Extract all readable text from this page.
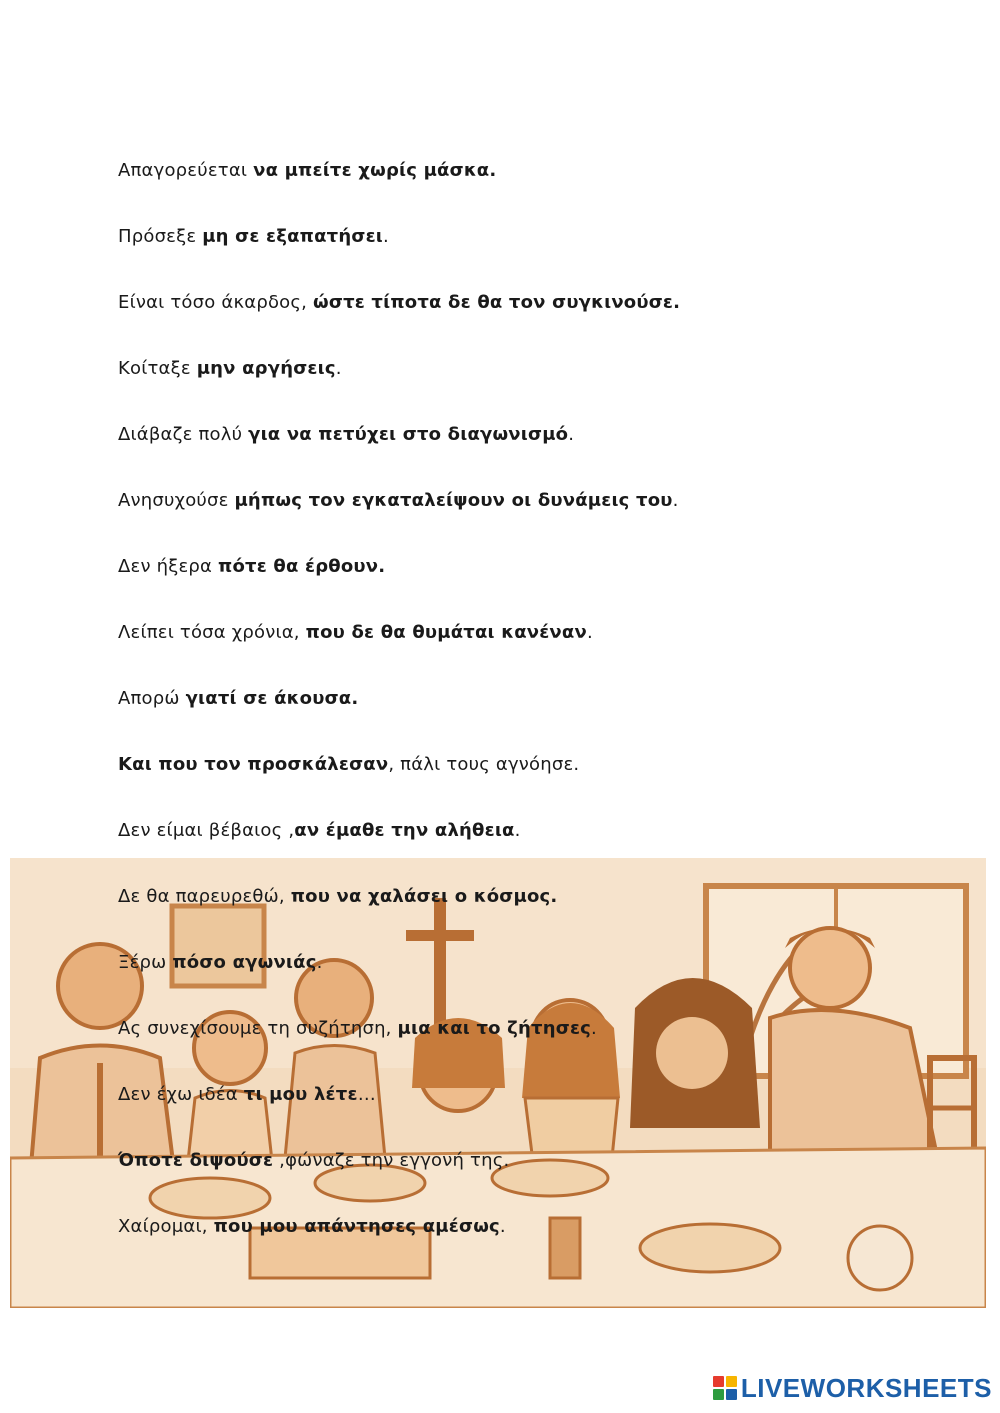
Απαγορεύεται να μπείτε χωρίς μάσκα.
Πρόσεξε μη σε εξαπατήσει.
Είναι τόσο άκαρδος, ώστε τίποτα δε θα τον συγκινούσε.
Κοίταξε μην αργήσεις.
Διάβαζε πολύ για να πετύχει στο διαγωνισμό.
Ανησυχούσε μήπως τον εγκαταλείψουν οι δυνάμεις του.
Δεν ήξερα πότε θα έρθουν.
Λείπει τόσα χρόνια, που δε θα θυμάται κανέναν.
Απορώ γιατί σε άκουσα.
Και που τον προσκάλεσαν, πάλι τους αγνόησε.
Δεν είμαι βέβαιος ,αν έμαθε την αλήθεια.
Δε θα παρευρεθώ, που να χαλάσει ο κόσμος.
Ξέρω πόσο αγωνιάς.
Ας συνεχίσουμε τη συζήτηση, μια και το ζήτησες.
Δεν έχω ιδέα τι μου λέτε…
Όποτε διψούσε ,φώναζε την εγγονή της.
Χαίρομαι, που μου απάντησες αμέσως.
LIVEWORKSHEETS
